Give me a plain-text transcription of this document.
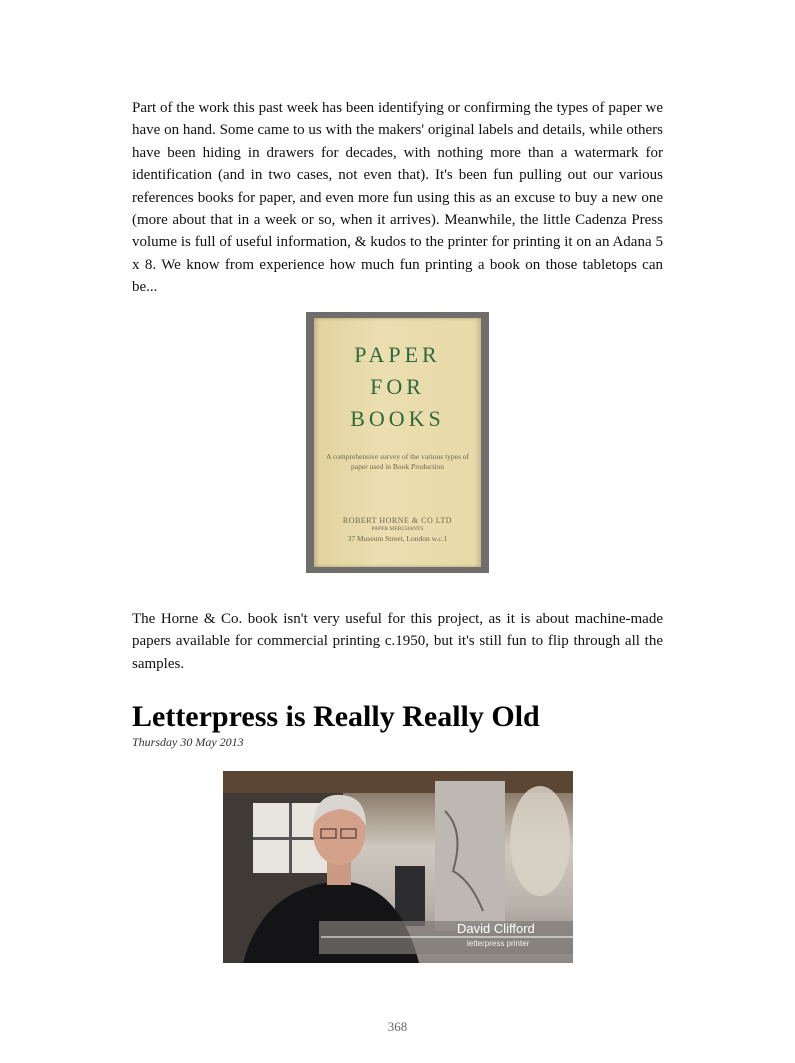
Part of the work this past week has been identifying or confirming the types of paper we have on hand. Some came to us with the makers' original labels and details, while others have been hiding in drawers for decades, with nothing more than a watermark for identification (and in two cases, not even that). It's been fun pulling out our various references books for paper, and even more fun using this as an excuse to buy a new one (more about that in a week or so, when it arrives). Meanwhile, the little Cadenza Press volume is full of useful information, & kudos to the printer for printing it on an Adana 5 x 8. We know from experience how much fun printing a book on those tabletops can be...

PAPER
FOR
BOOKS
A comprehensive survey of the various types of paper used in Book Production
ROBERT HORNE & CO LTD
PAPER MERCHANTS
37 Museum Street, London w.c.1

The Horne & Co. book isn't very useful for this project, as it is about machine-made papers available for commercial printing c.1950, but it's still fun to flip through all the samples.

Letterpress is Really Really Old
Thursday 30 May 2013
David Clifford
letterpress printer
368
